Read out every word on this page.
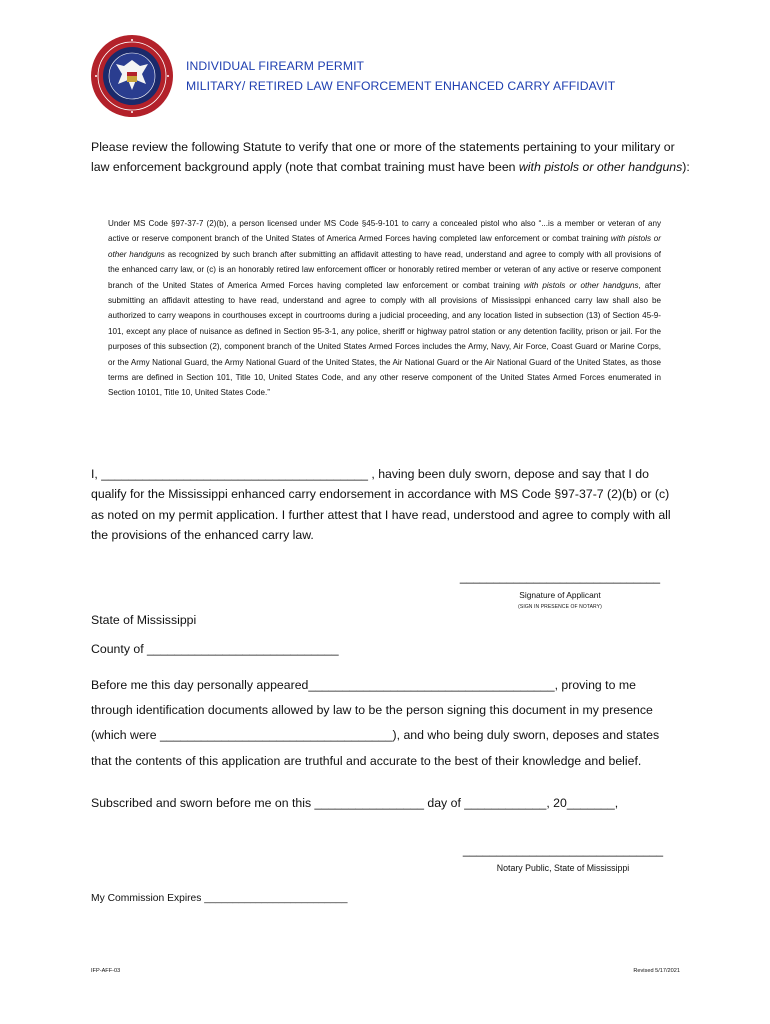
INDIVIDUAL FIREARM PERMIT
MILITARY/ RETIRED LAW ENFORCEMENT ENHANCED CARRY AFFIDAVIT
Please review the following Statute to verify that one or more of the statements pertaining to your military or law enforcement background apply (note that combat training must have been with pistols or other handguns):
Under MS Code §97-37-7 (2)(b), a person licensed under MS Code §45-9-101 to carry a concealed pistol who also “...is a member or veteran of any active or reserve component branch of the United States of America Armed Forces having completed law enforcement or combat training with pistols or other handguns as recognized by such branch after submitting an affidavit attesting to have read, understand and agree to comply with all provisions of the enhanced carry law, or (c) is an honorably retired law enforcement officer or honorably retired member or veteran of any active or reserve component branch of the United States of America Armed Forces having completed law enforcement or combat training with pistols or other handguns, after submitting an affidavit attesting to have read, understand and agree to comply with all provisions of Mississippi enhanced carry law shall also be authorized to carry weapons in courthouses except in courtrooms during a judicial proceeding, and any location listed in subsection (13) of Section 45-9-101, except any place of nuisance as defined in Section 95-3-1, any police, sheriff or highway patrol station or any detention facility, prison or jail. For the purposes of this subsection (2), component branch of the United States Armed Forces includes the Army, Navy, Air Force, Coast Guard or Marine Corps, or the Army National Guard, the Army National Guard of the United States, the Air National Guard or the Air National Guard of the United States, as those terms are defined in Section 101, Title 10, United States Code, and any other reserve component of the United States Armed Forces enumerated in Section 10101, Title 10, United States Code.”
I, _______________________________________ , having been duly sworn, depose and say that I do qualify for the Mississippi enhanced carry endorsement in accordance with MS Code §97-37-7 (2)(b) or (c) as noted on my permit application. I further attest that I have read, understood and agree to comply with all the provisions of the enhanced carry law.
______________________________
Signature of Applicant
(SIGN IN PRESENCE OF NOTARY)
State of Mississippi
County of ____________________________
Before me this day personally appeared____________________________________, proving to me
through identification documents allowed by law to be the person signing this document in my presence
(which were __________________________________), and who being duly sworn, deposes and states
that the contents of this application are truthful and accurate to the best of their knowledge and belief.
Subscribed and sworn before me on this ________________ day of ____________, 20_______,
______________________________
Notary Public, State of Mississippi
My Commission Expires _________________________
IFP-AFF-03	Revised 5/17/2021
